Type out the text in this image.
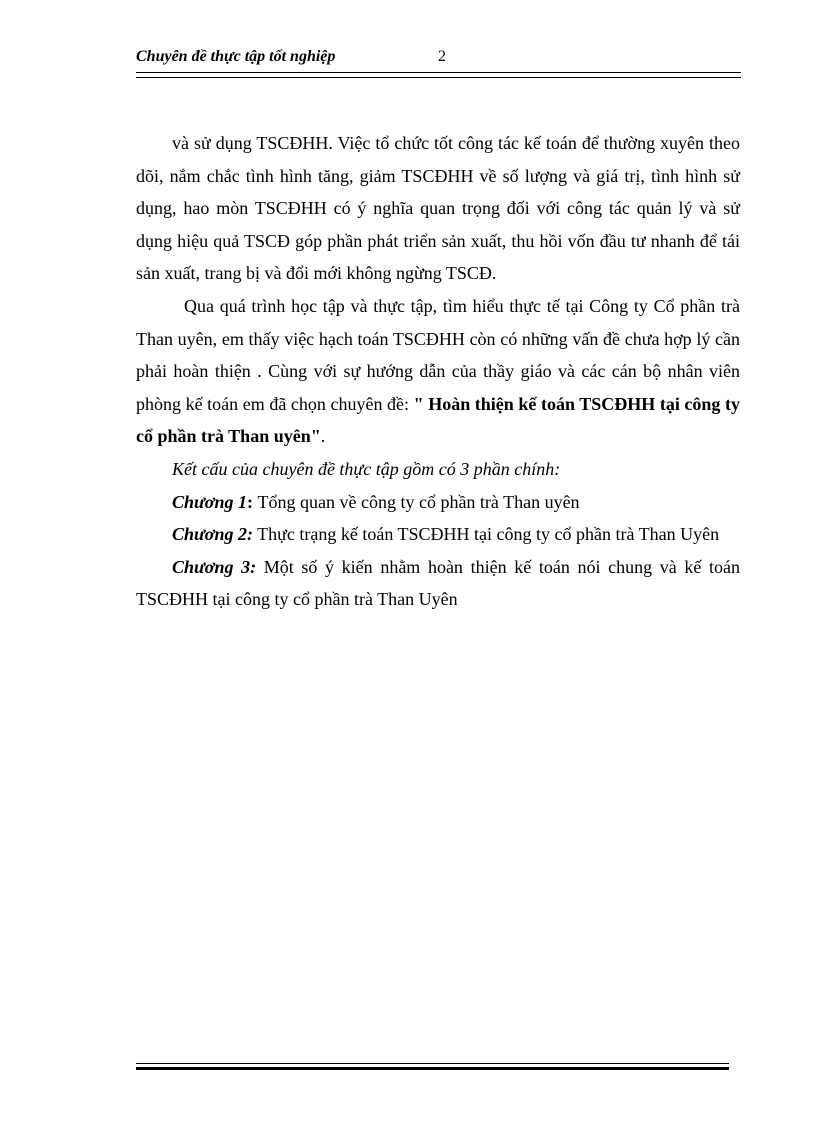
Chuyên đề thực tập tốt nghiệp	2

và sử dụng TSCĐHH. Việc tổ chức tốt công tác kế toán để thường xuyên theo dõi, nắm chắc tình hình tăng, giảm TSCĐHH về số lượng và giá trị, tình hình sử dụng, hao mòn TSCĐHH có ý nghĩa quan trọng đối với công tác quản lý và sử dụng hiệu quả TSCĐ góp phần phát triển sản xuất, thu hồi vốn đầu tư nhanh để tái sản xuất, trang bị và đổi mới không ngừng TSCĐ.

Qua quá trình học tập và thực tập, tìm hiểu thực tế tại Công ty Cổ phần trà Than uyên, em thấy việc hạch toán TSCĐHH còn có những vấn đề chưa hợp lý cần phải hoàn thiện . Cùng với sự hướng dẫn của thầy giáo và các cán bộ nhân viên phòng kế toán em đã chọn chuyên đề: " Hoàn thiện kế toán TSCĐHH tại công ty cổ phần trà Than uyên".

Kết cấu của chuyên đề thực tập gồm có 3 phần chính:

Chương 1: Tổng quan về công ty cổ phần trà Than uyên

Chương 2: Thực trạng kế toán TSCĐHH tại công ty cổ phần trà Than Uyên

Chương 3: Một số ý kiến nhằm hoàn thiện kế toán nói chung và kế toán TSCĐHH tại công ty cổ phần trà Than Uyên
